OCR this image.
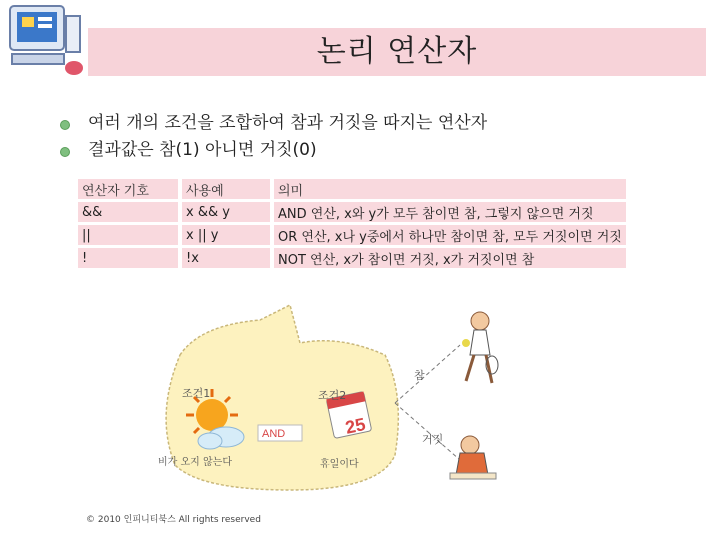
논리 연산자
여러 개의 조건을 조합하여 참과 거짓을 따지는 연산자
결과값은 참(1) 아니면 거짓(0)
연산자 기호		사용예		의미
&&		x && y		AND 연산, x와 y가 모두 참이면 참, 그렇지 않으면 거짓
||		x || y		OR 연산, x나 y중에서 하나만 참이면 참, 모두 거짓이면 거짓
!		!x		NOT 연산, x가 참이면 거짓, x가 거짓이면 참
25
AND
조건1
비가 오지 않는다
조건2
휴일이다
참
거짓
© 2010 인피니티북스 All rights reserved
